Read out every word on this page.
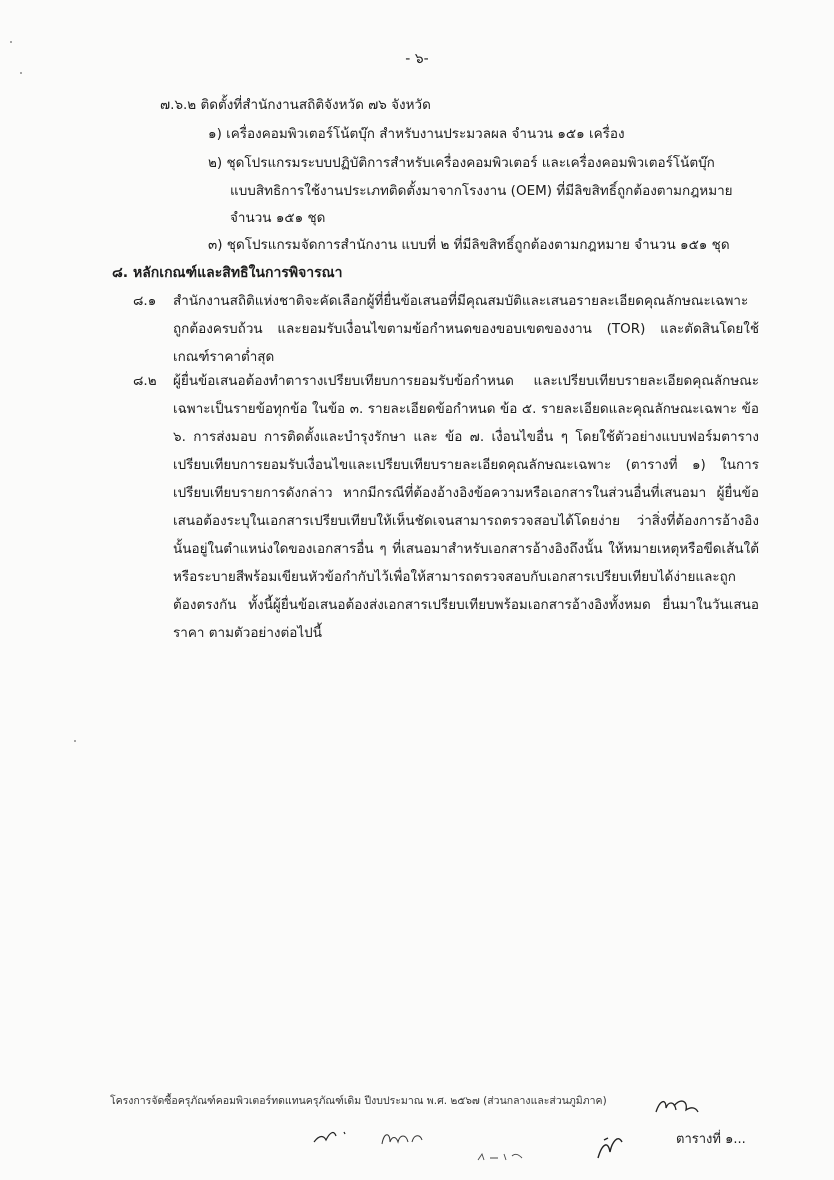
- ๖-
๗.๖.๒ ติดตั้งที่สำนักงานสถิติจังหวัด ๗๖ จังหวัด
๑) เครื่องคอมพิวเตอร์โน้ตบุ๊ก สำหรับงานประมวลผล จำนวน ๑๕๑ เครื่อง
๒) ชุดโปรแกรมระบบปฏิบัติการสำหรับเครื่องคอมพิวเตอร์ และเครื่องคอมพิวเตอร์โน้ตบุ๊ก
แบบสิทธิการใช้งานประเภทติดตั้งมาจากโรงงาน (OEM) ที่มีลิขสิทธิ์ถูกต้องตามกฎหมาย
จำนวน ๑๕๑ ชุด
๓) ชุดโปรแกรมจัดการสำนักงาน แบบที่ ๒ ที่มีลิขสิทธิ์ถูกต้องตามกฎหมาย จำนวน ๑๕๑ ชุด
๘. หลักเกณฑ์และสิทธิในการพิจารณา
๘.๑ สำนักงานสถิติแห่งชาติจะคัดเลือกผู้ที่ยื่นข้อเสนอที่มีคุณสมบัติและเสนอรายละเอียดคุณลักษณะเฉพาะถูกต้องครบถ้วน และยอมรับเงื่อนไขตามข้อกำหนดของขอบเขตของงาน (TOR) และตัดสินโดยใช้เกณฑ์ราคาต่ำสุด
๘.๒ ผู้ยื่นข้อเสนอต้องทำตารางเปรียบเทียบการยอมรับข้อกำหนด และเปรียบเทียบรายละเอียดคุณลักษณะเฉพาะเป็นรายข้อทุกข้อ ในข้อ ๓. รายละเอียดข้อกำหนด ข้อ ๕. รายละเอียดและคุณลักษณะเฉพาะ ข้อ ๖. การส่งมอบ การติดตั้งและบำรุงรักษา และ ข้อ ๗. เงื่อนไขอื่น ๆ โดยใช้ตัวอย่างแบบฟอร์มตารางเปรียบเทียบการยอมรับเงื่อนไขและเปรียบเทียบรายละเอียดคุณลักษณะเฉพาะ (ตารางที่ ๑) ในการเปรียบเทียบรายการดังกล่าว หากมีกรณีที่ต้องอ้างอิงข้อความหรือเอกสารในส่วนอื่นที่เสนอมา ผู้ยื่นข้อเสนอต้องระบุในเอกสารเปรียบเทียบให้เห็นชัดเจนสามารถตรวจสอบได้โดยง่าย ว่าสิ่งที่ต้องการอ้างอิงนั้นอยู่ในตำแหน่งใดของเอกสารอื่น ๆ ที่เสนอมาสำหรับเอกสารอ้างอิงถึงนั้น ให้หมายเหตุหรือขีดเส้นใต้หรือระบายสีพร้อมเขียนหัวข้อกำกับไว้เพื่อให้สามารถตรวจสอบกับเอกสารเปรียบเทียบได้ง่ายและถูกต้องตรงกัน ทั้งนี้ผู้ยื่นข้อเสนอต้องส่งเอกสารเปรียบเทียบพร้อมเอกสารอ้างอิงทั้งหมด ยื่นมาในวันเสนอราคา ตามตัวอย่างต่อไปนี้
โครงการจัดซื้อครุภัณฑ์คอมพิวเตอร์ทดแทนครุภัณฑ์เดิม ปีงบประมาณ พ.ศ. ๒๕๖๗ (ส่วนกลางและส่วนภูมิภาค)
ตารางที่ ๑...
